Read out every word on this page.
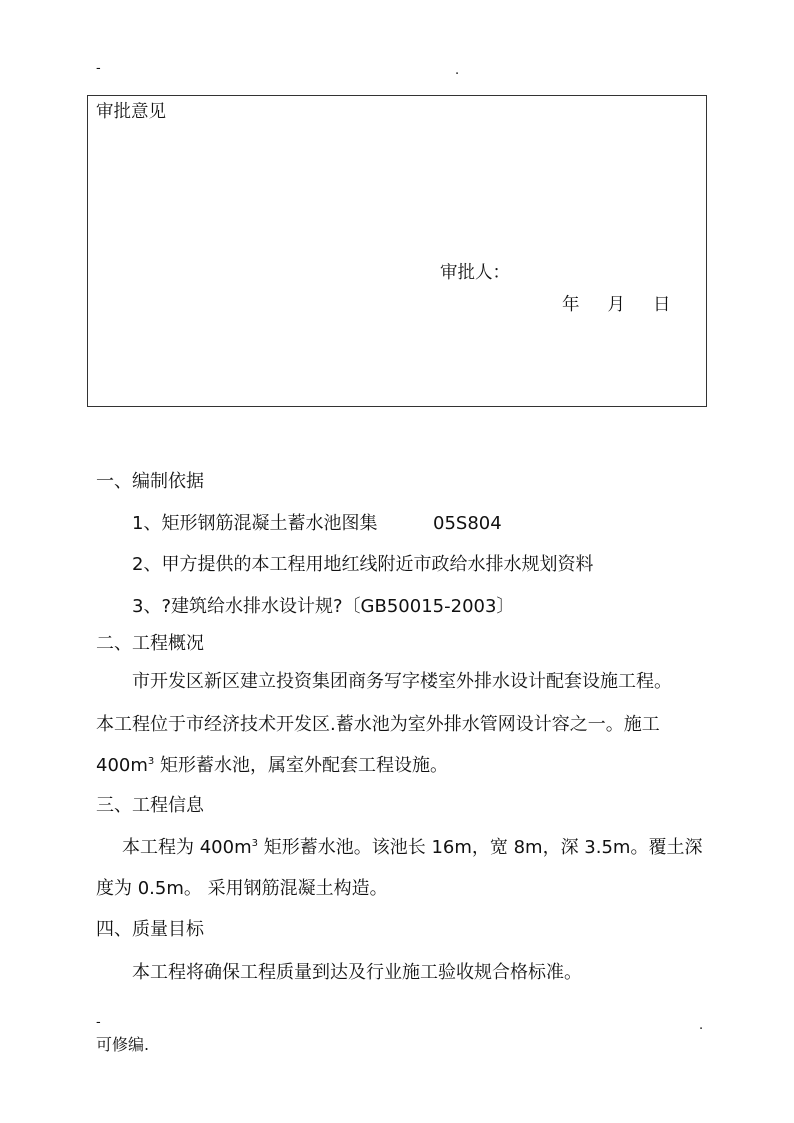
-	.
审批意见
审批人：
年 月 日
一、编制依据
1、矩形钢筋混凝土蓄水池图集	05S804
2、甲方提供的本工程用地红线附近市政给水排水规划资料
3、?建筑给水排水设计规?〔GB50015-2003〕
二、工程概况
市开发区新区建立投资集团商务写字楼室外排水设计配套设施工程。
本工程位于市经济技术开发区.蓄水池为室外排水管网设计容之一。施工
$400m^3$ 矩形蓄水池，属室外配套工程设施。
三、工程信息
本工程为 $400m^3$ 矩形蓄水池。该池长 16m，宽 8m，深 3.5m。覆土深
度为 0.5m。 采用钢筋混凝土构造。
四、质量目标
本工程将确保工程质量到达及行业施工验收规合格标准。
-	.
可修编.
